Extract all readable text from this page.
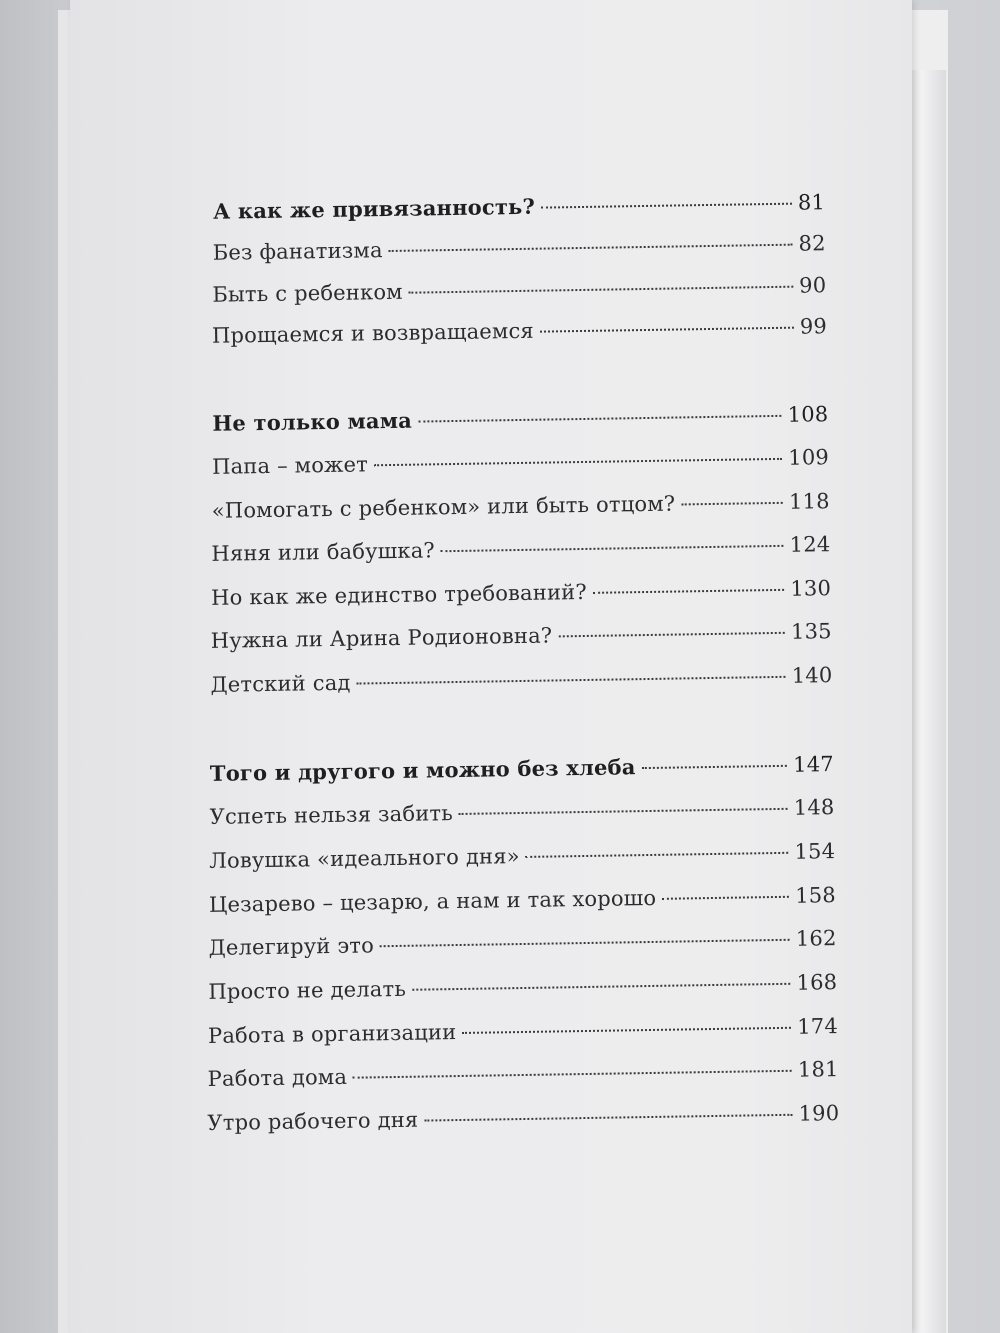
А как же привязанность?	81
Без фанатизма	82
Быть с ребенком	90
Прощаемся и возвращаемся	99
Не только мама	108
Папа – может	109
«Помогать с ребенком» или быть отцом?	118
Няня или бабушка?	124
Но как же единство требований?	130
Нужна ли Арина Родионовна?	135
Детский сад	140
Того и другого и можно без хлеба	147
Успеть нельзя забить	148
Ловушка «идеального дня»	154
Цезарево – цезарю, а нам и так хорошо	158
Делегируй это	162
Просто не делать	168
Работа в организации	174
Работа дома	181
Утро рабочего дня	190
